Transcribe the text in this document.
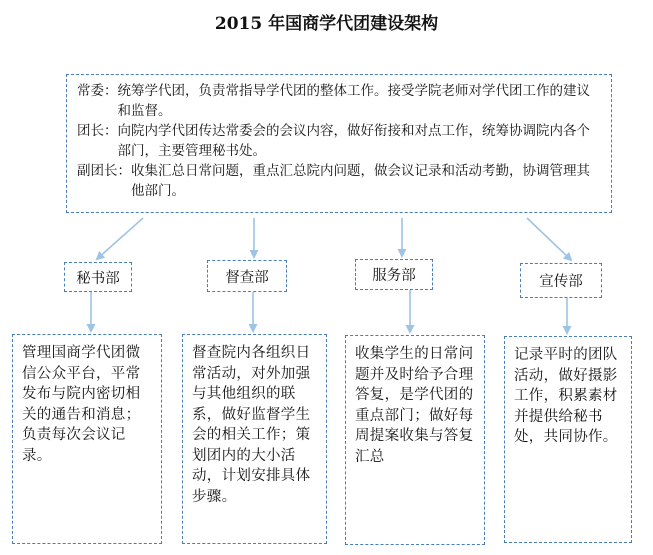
2015 年国商学代团建设架构
常委： 统筹学代团，负责常指导学代团的整体工作。接受学院老师对学代团工作的建议和监督。
团长： 向院内学代团传达常委会的会议内容，做好衔接和对点工作，统筹协调院内各个部门，主要管理秘书处。
副团长： 收集汇总日常问题，重点汇总院内问题，做会议记录和活动考勤，协调管理其他部门。
秘书部	督查部	服务部	宣传部
管理国商学代团微信公众平台，平常发布与院内密切相关的通告和消息；负责每次会议记录。
督查院内各组织日常活动，对外加强与其他组织的联系，做好监督学生会的相关工作；策划团内的大小活动，计划安排具体步骤。
收集学生的日常问题并及时给予合理答复，是学代团的重点部门；做好每周提案收集与答复汇总
记录平时的团队活动，做好摄影工作，积累素材并提供给秘书处，共同协作。
